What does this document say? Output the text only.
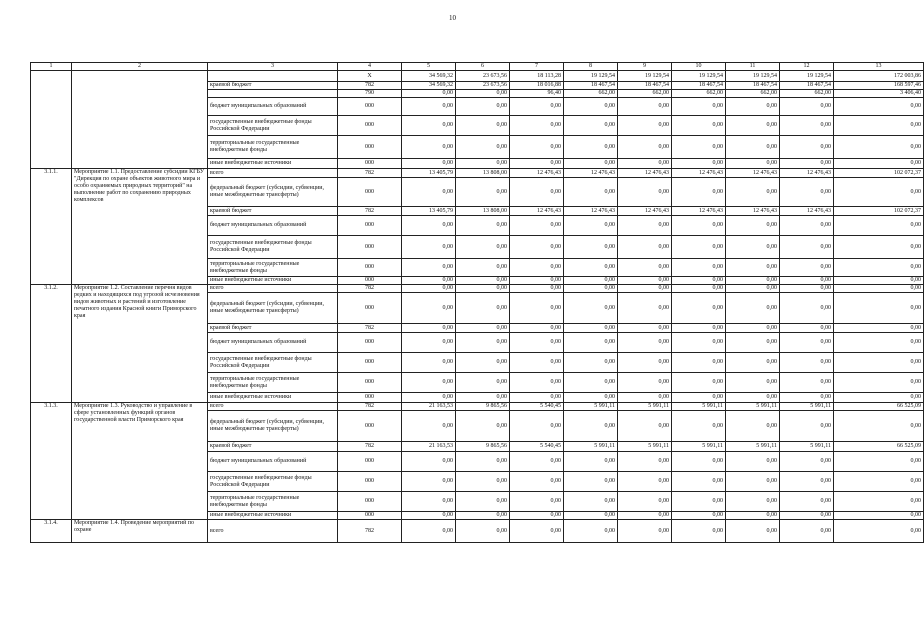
10
1	2	3	4	5	6	7	8	9	10	11	12	13
			Х	34 569,32	23 673,56	18 113,28	19 129,54	19 129,54	19 129,54	19 129,54	19 129,54	172 003,86
		краевой бюджет	782	34 569,32	23 673,56	18 016,88	18 467,54	18 467,54	18 467,54	18 467,54	18 467,54	168 597,46
			790	0,00	0,00	96,40	662,00	662,00	662,00	662,00	662,00	3 406,40
		бюджет муниципальных образований	000	0,00	0,00	0,00	0,00	0,00	0,00	0,00	0,00	0,00
		государственные внебюджетные фонды Российской Федерации	000	0,00	0,00	0,00	0,00	0,00	0,00	0,00	0,00	0,00
		территориальные государственные внебюджетные фонды	000	0,00	0,00	0,00	0,00	0,00	0,00	0,00	0,00	0,00
		иные внебюджетные источники	000	0,00	0,00	0,00	0,00	0,00	0,00	0,00	0,00	0,00
3.1.1.	Мероприятие 1.1. Предоставление субсидии КГБУ "Дирекция по охране объектов животного мира и особо охраняемых природных территорий" на выполнение работ по сохранению природных комплексов	всего	782	13 405,79	13 808,00	12 476,43	12 476,43	12 476,43	12 476,43	12 476,43	12 476,43	102 072,37
		федеральный бюджет (субсидии, субвенции, иные межбюджетные трансферты)	000	0,00	0,00	0,00	0,00	0,00	0,00	0,00	0,00	0,00
		краевой бюджет	782	13 405,79	13 808,00	12 476,43	12 476,43	12 476,43	12 476,43	12 476,43	12 476,43	102 072,37
		бюджет муниципальных образований	000	0,00	0,00	0,00	0,00	0,00	0,00	0,00	0,00	0,00
		государственные внебюджетные фонды Российской Федерации	000	0,00	0,00	0,00	0,00	0,00	0,00	0,00	0,00	0,00
		территориальные государственные внебюджетные фонды	000	0,00	0,00	0,00	0,00	0,00	0,00	0,00	0,00	0,00
		иные внебюджетные источники	000	0,00	0,00	0,00	0,00	0,00	0,00	0,00	0,00	0,00
3.1.2.	Мероприятие 1.2. Составление перечня видов редких и находящихся под угрозой исчезновения видов животных и растений и изготовление печатного издания Красной книги Приморского края	всего	782	0,00	0,00	0,00	0,00	0,00	0,00	0,00	0,00	0,00
		федеральный бюджет (субсидии, субвенции, иные межбюджетные трансферты)	000	0,00	0,00	0,00	0,00	0,00	0,00	0,00	0,00	0,00
		краевой бюджет	782	0,00	0,00	0,00	0,00	0,00	0,00	0,00	0,00	0,00
		бюджет муниципальных образований	000	0,00	0,00	0,00	0,00	0,00	0,00	0,00	0,00	0,00
		государственные внебюджетные фонды Российской Федерации	000	0,00	0,00	0,00	0,00	0,00	0,00	0,00	0,00	0,00
		территориальные государственные внебюджетные фонды	000	0,00	0,00	0,00	0,00	0,00	0,00	0,00	0,00	0,00
		иные внебюджетные источники	000	0,00	0,00	0,00	0,00	0,00	0,00	0,00	0,00	0,00
3.1.3.	Мероприятие 1.3. Руководство и управление в сфере установленных функций органов государственной власти Приморского края	всего	782	21 163,53	9 865,56	5 540,45	5 991,11	5 991,11	5 991,11	5 991,11	5 991,11	66 525,09
		федеральный бюджет (субсидии, субвенции, иные межбюджетные трансферты)	000	0,00	0,00	0,00	0,00	0,00	0,00	0,00	0,00	0,00
		краевой бюджет	782	21 163,53	9 865,56	5 540,45	5 991,11	5 991,11	5 991,11	5 991,11	5 991,11	66 525,09
		бюджет муниципальных образований	000	0,00	0,00	0,00	0,00	0,00	0,00	0,00	0,00	0,00
		государственные внебюджетные фонды Российской Федерации	000	0,00	0,00	0,00	0,00	0,00	0,00	0,00	0,00	0,00
		территориальные государственные внебюджетные фонды	000	0,00	0,00	0,00	0,00	0,00	0,00	0,00	0,00	0,00
		иные внебюджетные источники	000	0,00	0,00	0,00	0,00	0,00	0,00	0,00	0,00	0,00
3.1.4.	Мероприятие 1.4. Проведение мероприятий по охране	всего	782	0,00	0,00	0,00	0,00	0,00	0,00	0,00	0,00	0,00
